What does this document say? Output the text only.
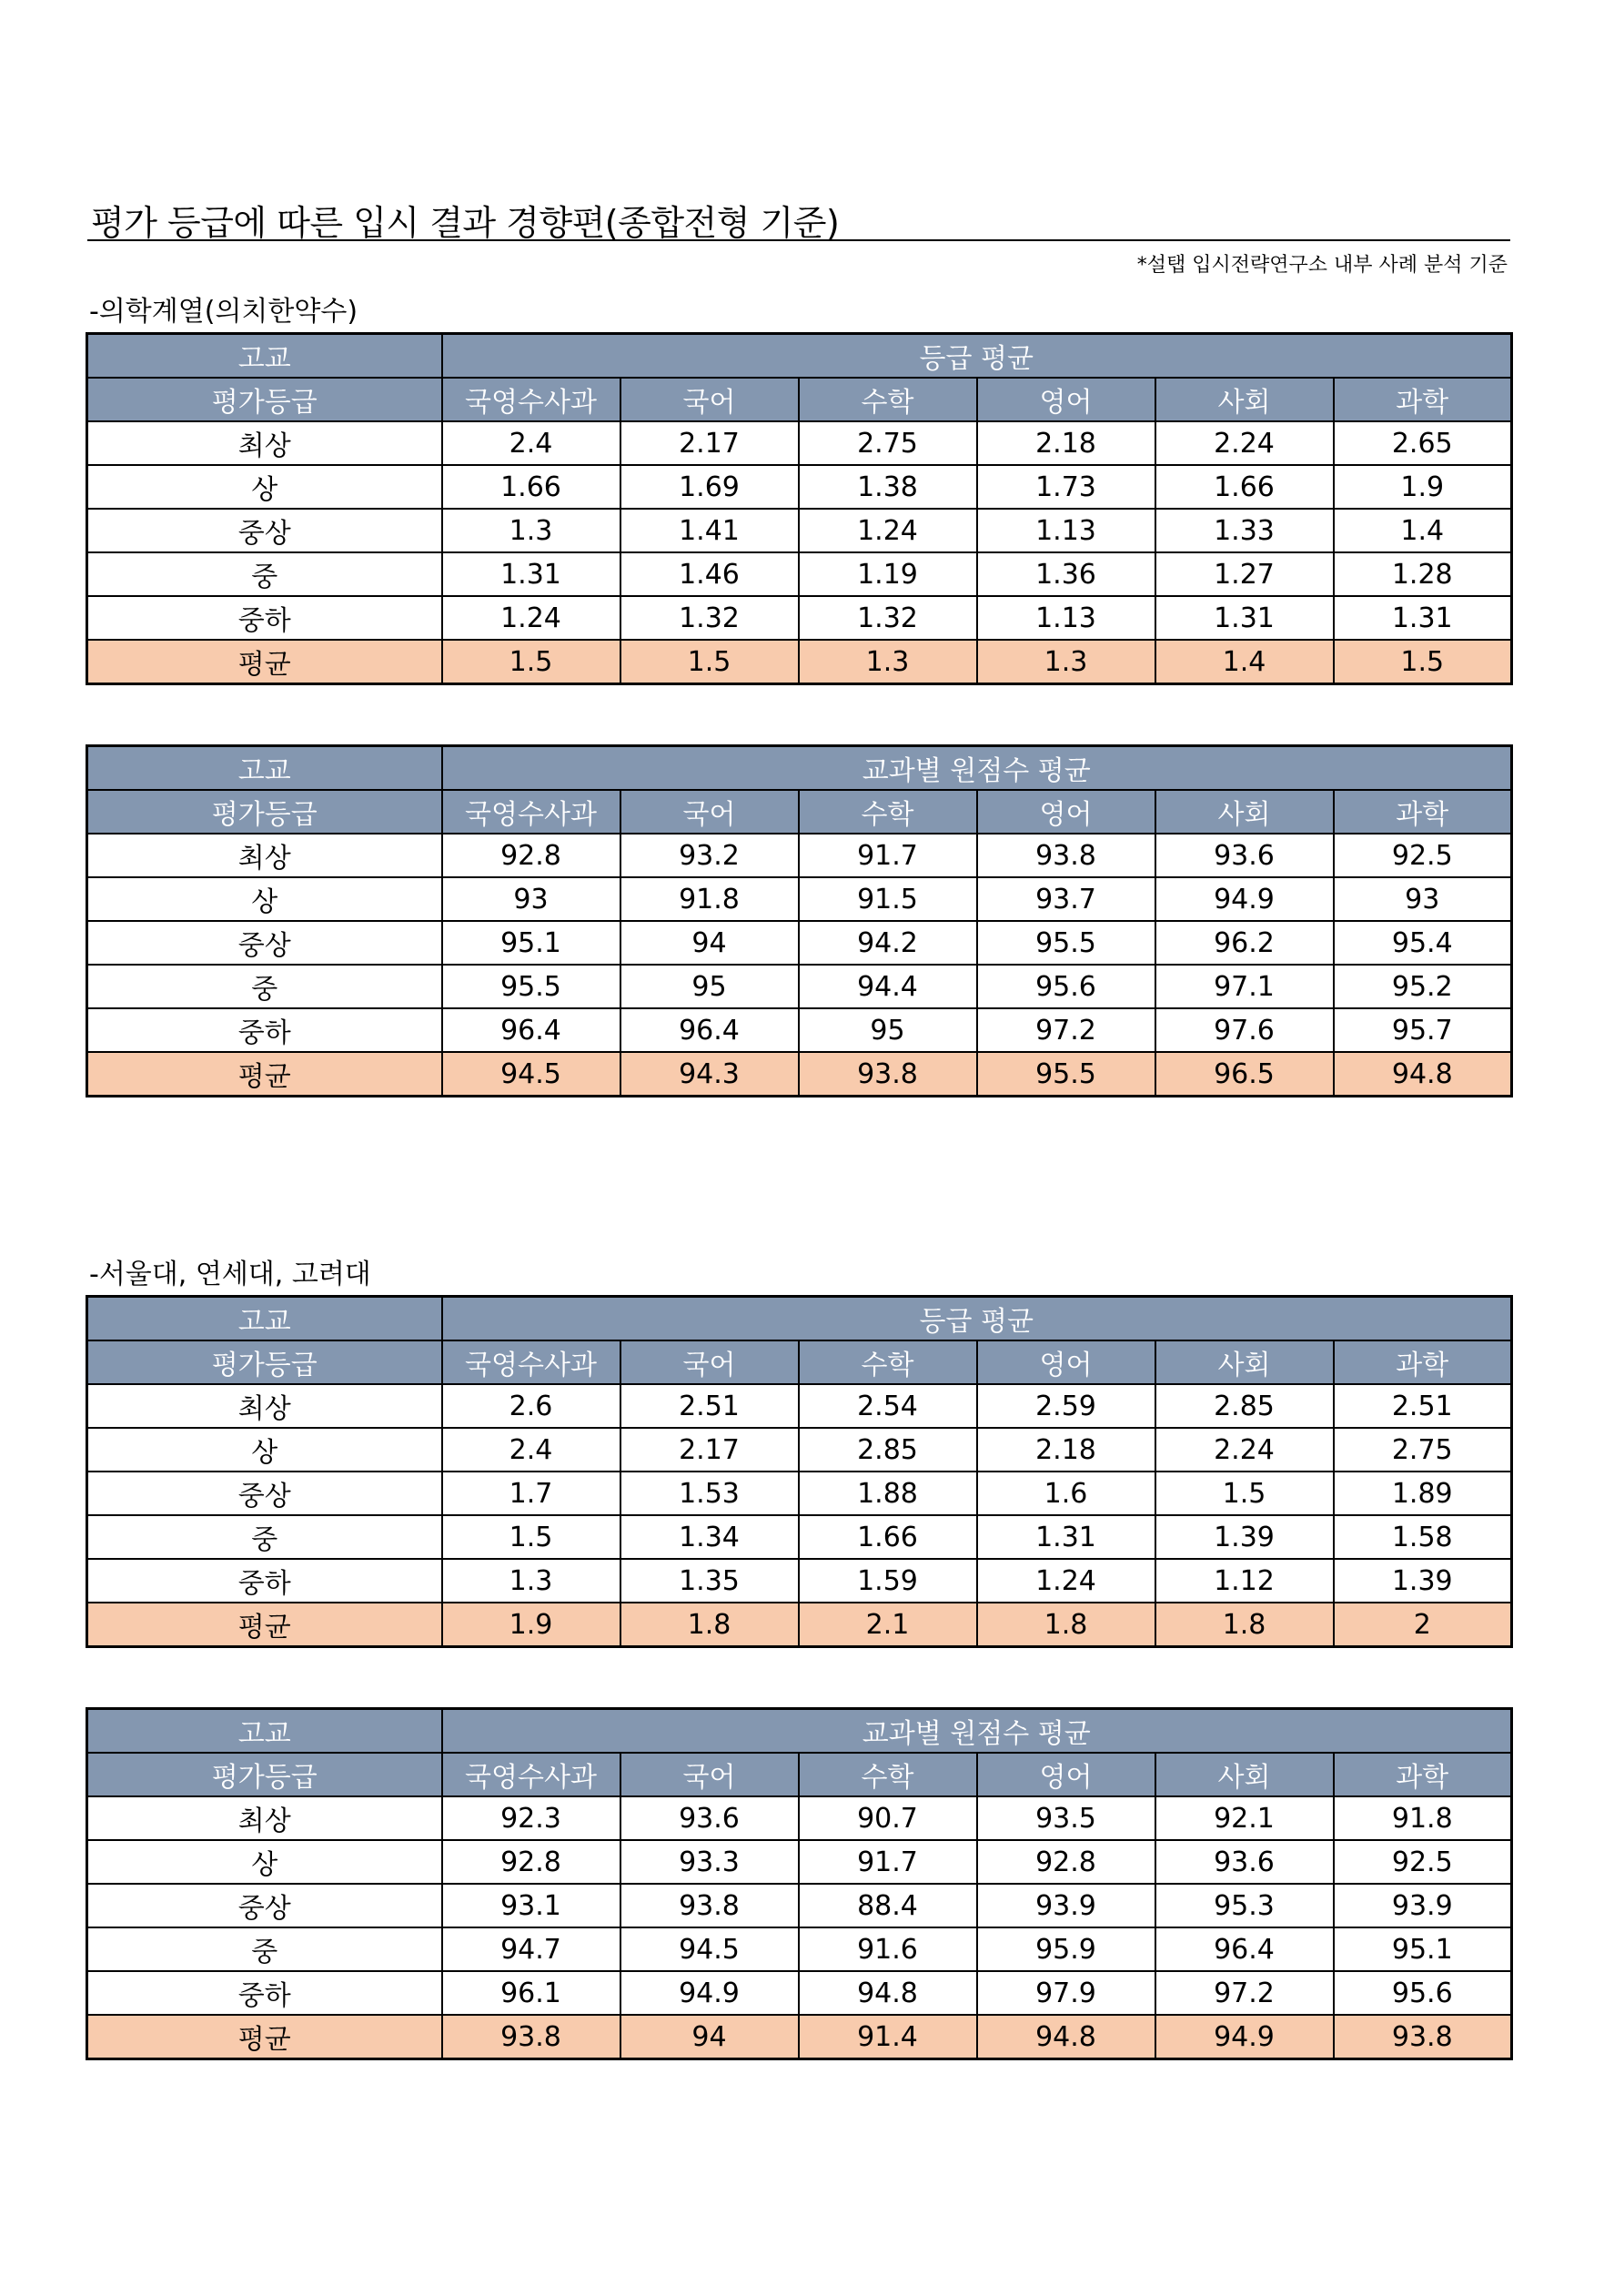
평가 등급에 따른 입시 결과 경향편(종합전형 기준)
*설탭 입시전략연구소 내부 사례 분석 기준
-의학계열(의치한약수)
고교	등급 평균					
평가등급	국영수사과	국어	수학	영어	사회	과학
최상	2.4	2.17	2.75	2.18	2.24	2.65
상	1.66	1.69	1.38	1.73	1.66	1.9
중상	1.3	1.41	1.24	1.13	1.33	1.4
중	1.31	1.46	1.19	1.36	1.27	1.28
중하	1.24	1.32	1.32	1.13	1.31	1.31
평균	1.5	1.5	1.3	1.3	1.4	1.5
고교	교과별 원점수 평균					
평가등급	국영수사과	국어	수학	영어	사회	과학
최상	92.8	93.2	91.7	93.8	93.6	92.5
상	93	91.8	91.5	93.7	94.9	93
중상	95.1	94	94.2	95.5	96.2	95.4
중	95.5	95	94.4	95.6	97.1	95.2
중하	96.4	96.4	95	97.2	97.6	95.7
평균	94.5	94.3	93.8	95.5	96.5	94.8
-서울대, 연세대, 고려대
고교	등급 평균					
평가등급	국영수사과	국어	수학	영어	사회	과학
최상	2.6	2.51	2.54	2.59	2.85	2.51
상	2.4	2.17	2.85	2.18	2.24	2.75
중상	1.7	1.53	1.88	1.6	1.5	1.89
중	1.5	1.34	1.66	1.31	1.39	1.58
중하	1.3	1.35	1.59	1.24	1.12	1.39
평균	1.9	1.8	2.1	1.8	1.8	2
고교	교과별 원점수 평균					
평가등급	국영수사과	국어	수학	영어	사회	과학
최상	92.3	93.6	90.7	93.5	92.1	91.8
상	92.8	93.3	91.7	92.8	93.6	92.5
중상	93.1	93.8	88.4	93.9	95.3	93.9
중	94.7	94.5	91.6	95.9	96.4	95.1
중하	96.1	94.9	94.8	97.9	97.2	95.6
평균	93.8	94	91.4	94.8	94.9	93.8
